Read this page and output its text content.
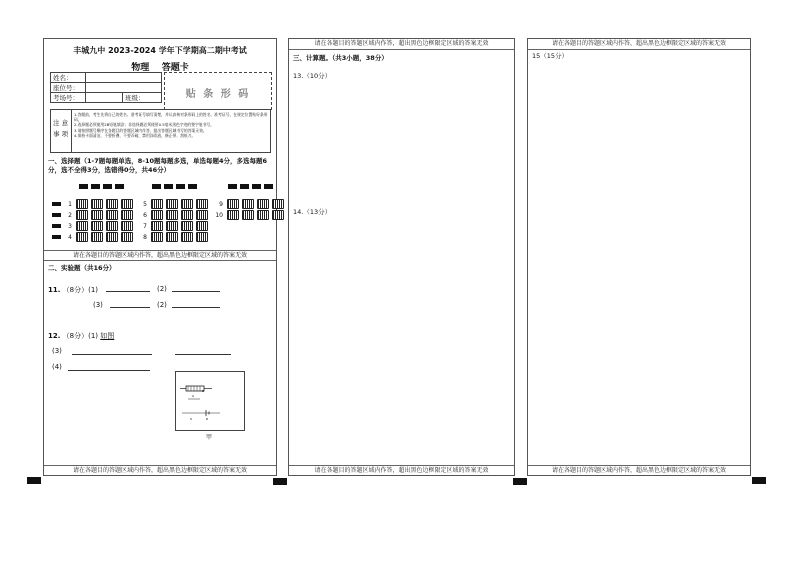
丰城九中 2023-2024 学年下学期高二期中考试
物理 答题卡
姓名：		
座位号：		
考场号：		班级：	贴 条 形 码
注 意 事 项
1.答题前，考生先将自己的姓名、准考证号填写清楚，并认真核对条形码上的姓名、准考证号，在规定位置贴好条形码。
2.选择题必须使用2B铅笔填涂；非选择题必须使用0.5毫米黑色字迹的签字笔书写。
3.请按照题号顺序在各题目的答题区域内作答，超出答题区域书写的答案无效。
4.保持卡面清洁，不要折叠、不要弄破，禁用涂改液、修正带、刮纸刀。
一、选择题（1-7题每题单选，8-10题每题多选，单选每题4分，多选每题6分，选不全得3分，选错得0分，共46分）
1
2
3
4
5
6
7
8
9
10
请在各题目的答题区域内作答，超出黑色边框限定区域的答案无效
二、实验题（共16分）
11. （8分）(1)	(2)
(3)	(2)
12. （8分）(1) 如图
(3)
(4)
A
B
S	R
甲
请在各题目的答题区域内作答，超出黑色边框限定区域的答案无效
请在各题目的答题区域内作答，超出黑色边框限定区域的答案无效
三、计算题。（共3小题，38分）
13.（10分）
14.（13分）
请在各题目的答题区域内作答，超出黑色边框限定区域的答案无效
请在各题目的答题区域内作答，超出黑色边框限定区域的答案无效
15（15分）
请在各题目的答题区域内作答，超出黑色边框限定区域的答案无效
